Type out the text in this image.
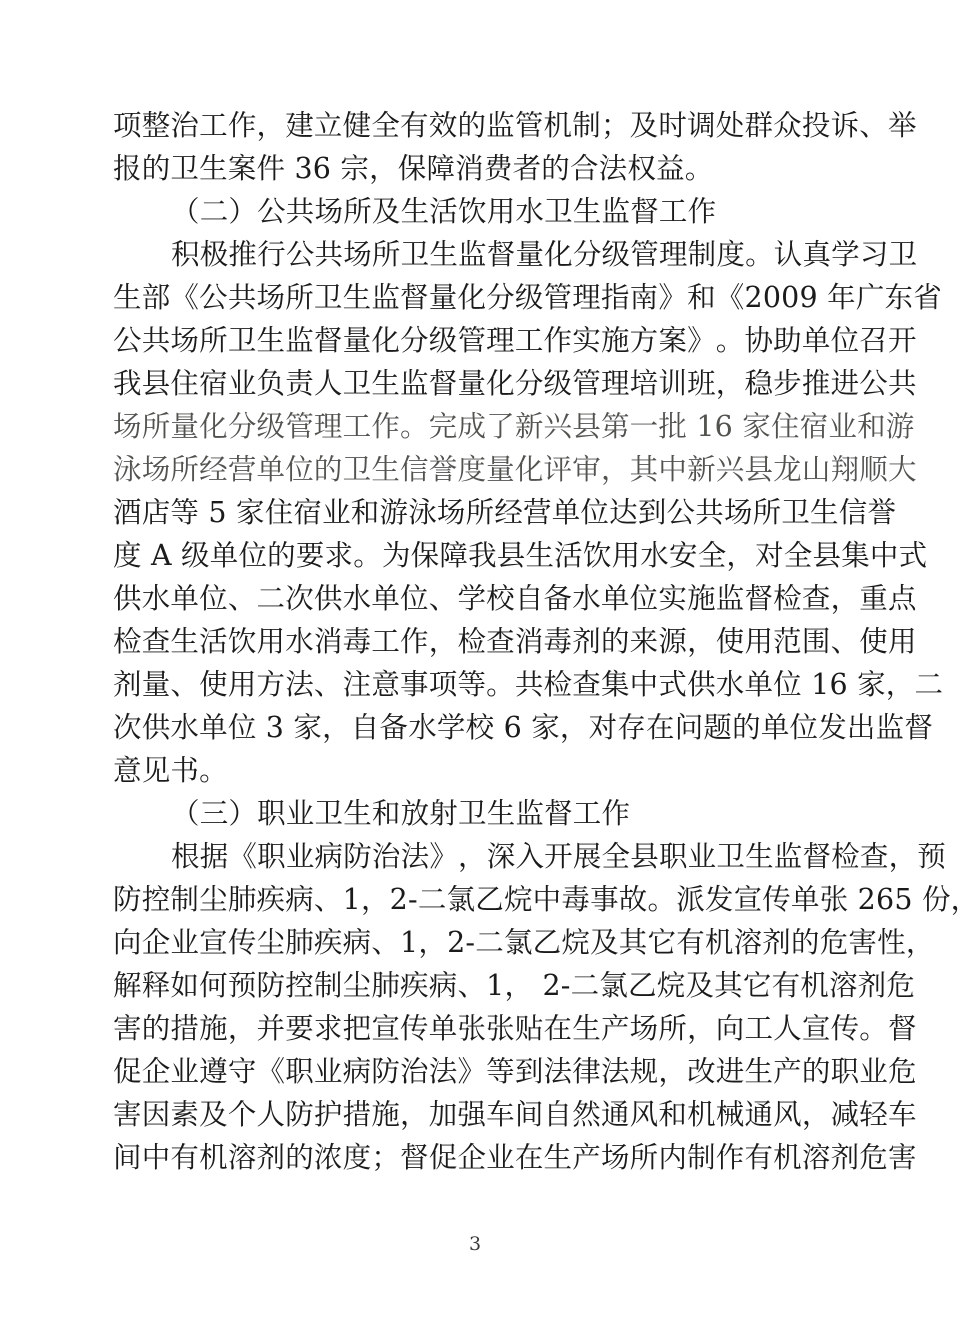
项 整 治 工 作 ， 建 立 健 全 有 效 的 监 管 机 制 ； 及 时 调 处 群 众 投 诉 、 举
报的卫生案件 36 宗，保障消费者的合法权益。
（二）公共场所及生活饮用水卫生监督工作
积 极 推 行 公 共 场 所 卫 生 监 督 量 化 分 级 管 理 制 度 。 认 真 学 习 卫
生 部 《 公 共 场 所 卫 生 监 督 量 化 分 级 管 理 指 南 》 和 《 2 0 0 9
年 广 东 省
公 共 场 所 卫 生 监 督 量 化 分 级 管 理 工 作 实 施 方 案 》 。 协 助 单 位 召 开
我 县 住 宿 业 负 责 人 卫 生 监 督 量 化 分 级 管 理 培 训 班 ， 稳 步 推 进 公 共
场 所 量 化 分 级 管 理 工 作 。 完 成 了 新 兴 县 第 一 批
1 6
家 住 宿 业 和 游
泳 场 所 经 营 单 位 的 卫 生 信 誉 度 量 化 评 审 ， 其 中 新 兴 县 龙 山 翔 顺 大
酒 店 等
5
家 住 宿 业 和 游 泳 场 所 经 营 单 位 达 到 公 共 场 所 卫 生 信 誉
度
A
级 单 位 的 要 求 。 为 保 障 我 县 生 活 饮 用 水 安 全 ， 对 全 县 集 中 式
供 水 单 位 、 二 次 供 水 单 位 、 学 校 自 备 水 单 位 实 施 监 督 检 查 ， 重 点
检 查 生 活 饮 用 水 消 毒 工 作 ， 检 查 消 毒 剂 的 来 源 ， 使 用 范 围 、 使 用
剂 量 、 使 用 方 法 、 注 意 事 项 等 。 共 检 查 集 中 式 供 水 单 位
1 6
家 ， 二
次 供 水 单 位
3
家 ， 自 备 水 学 校
6
家 ， 对 存 在 问 题 的 单 位 发 出 监 督
意见书。
（三）职业卫生和放射卫生监督工作
根 据 《 职 业 病 防 治 法 》 ， 深 入 开 展 全 县 职 业 卫 生 监 督 检 查 ， 预
防 控 制 尘 肺 疾 病 、 1 ， 2 - 二 氯 乙 烷 中 毒 事 故 。 派 发 宣 传 单 张
2 6 5
份 ，
向 企 业 宣 传 尘 肺 疾 病 、 1 ， 2 - 二 氯 乙 烷 及 其 它 有 机 溶 剂 的 危 害 性 ，
解 释 如 何 预 防 控 制 尘 肺 疾 病 、 1 ，
2 - 二 氯 乙 烷 及 其 它 有 机 溶 剂 危
害 的 措 施 ， 并 要 求 把 宣 传 单 张 张 贴 在 生 产 场 所 ， 向 工 人 宣 传 。 督
促 企 业 遵 守 《 职 业 病 防 治 法 》 等 到 法 律 法 规 ， 改 进 生 产 的 职 业 危
害 因 素 及 个 人 防 护 措 施 ， 加 强 车 间 自 然 通 风 和 机 械 通 风 ， 减 轻 车
间 中 有 机 溶 剂 的 浓 度 ； 督 促 企 业 在 生 产 场 所 内 制 作 有 机 溶 剂 危 害
3
